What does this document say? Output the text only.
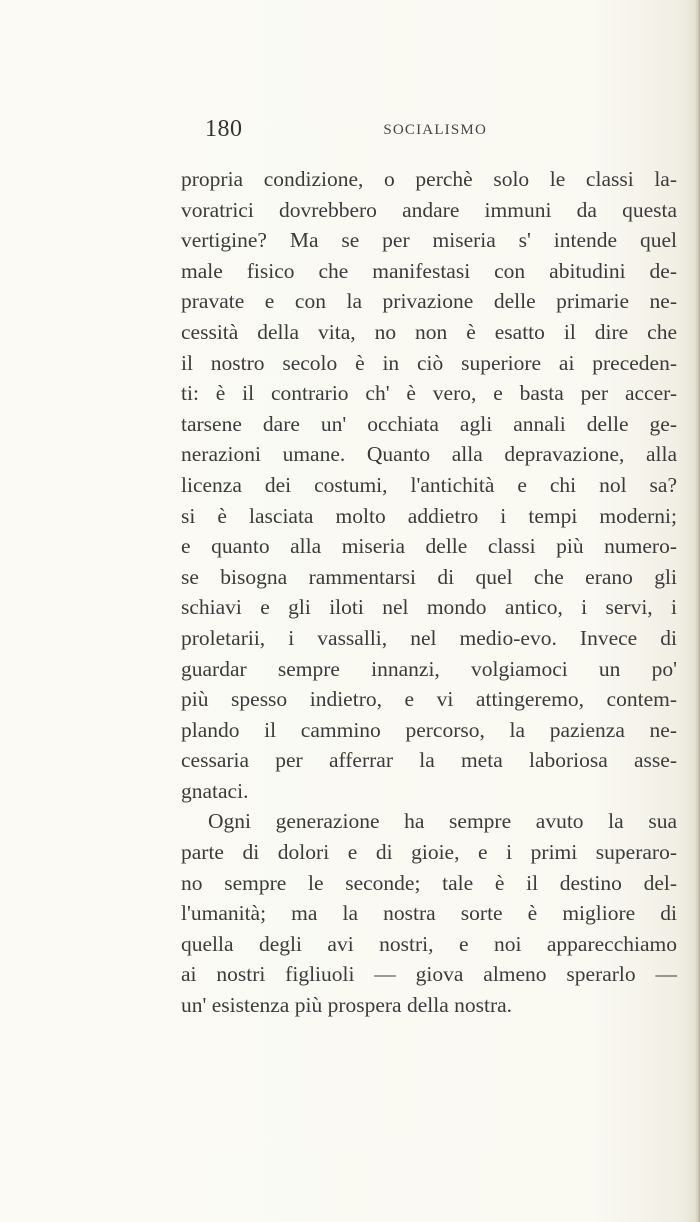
180	SOCIALISMO
propria condizione, o perchè solo le classi la-
voratrici dovrebbero andare immuni da questa
vertigine? Ma se per miseria s' intende quel
male fisico che manifestasi con abitudini de-
pravate e con la privazione delle primarie ne-
cessità della vita, no non è esatto il dire che
il nostro secolo è in ciò superiore ai preceden-
ti: è il contrario ch' è vero, e basta per accer-
tarsene dare un' occhiata agli annali delle ge-
nerazioni umane. Quanto alla depravazione, alla
licenza dei costumi, l'antichità e chi nol sa?
si è lasciata molto addietro i tempi moderni;
e quanto alla miseria delle classi più numero-
se bisogna rammentarsi di quel che erano gli
schiavi e gli iloti nel mondo antico, i servi, i
proletarii, i vassalli, nel medio-evo. Invece di
guardar sempre innanzi, volgiamoci un po'
più spesso indietro, e vi attingeremo, contem-
plando il cammino percorso, la pazienza ne-
cessaria per afferrar la meta laboriosa asse-
gnataci.
Ogni generazione ha sempre avuto la sua
parte di dolori e di gioie, e i primi superaro-
no sempre le seconde; tale è il destino del-
l'umanità; ma la nostra sorte è migliore di
quella degli avi nostri, e noi apparecchiamo
ai nostri figliuoli — giova almeno sperarlo —
un' esistenza più prospera della nostra.
